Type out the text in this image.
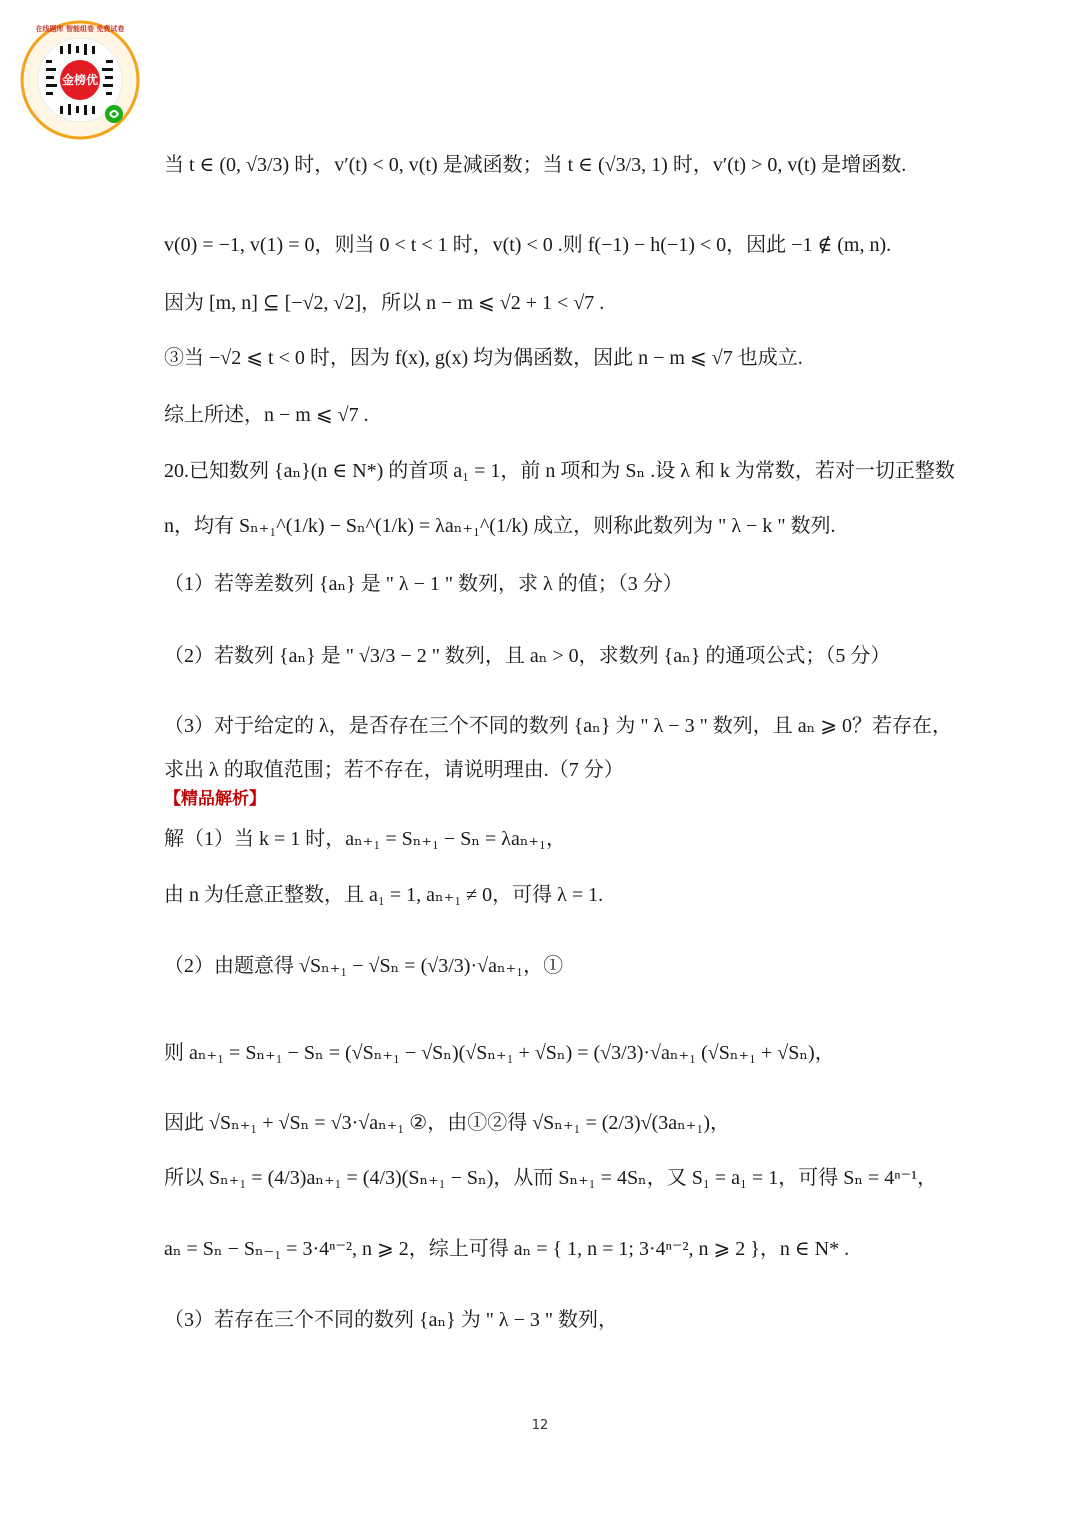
金榜优
在线题库 智能组卷 免费试卷
当 t ∈ (0, √3/3) 时，v′(t) < 0, v(t) 是减函数；当 t ∈ (√3/3, 1) 时，v′(t) > 0, v(t) 是增函数.
v(0) = −1, v(1) = 0，则当 0 < t < 1 时，v(t) < 0 .则 f(−1) − h(−1) < 0，因此 −1 ∉ (m, n).
因为 [m, n] ⊆ [−√2, √2]，所以 n − m ⩽ √2 + 1 < √7 .
③当 −√2 ⩽ t < 0 时，因为 f(x), g(x) 均为偶函数，因此 n − m ⩽ √7 也成立.
综上所述，n − m ⩽ √7 .
20.已知数列 {aₙ}(n ∈ N*) 的首项 a₁ = 1，前 n 项和为 Sₙ .设 λ 和 k 为常数，若对一切正整数
n，均有 Sₙ₊₁^(1/k) − Sₙ^(1/k) = λaₙ₊₁^(1/k) 成立，则称此数列为 " λ − k " 数列.
（1）若等差数列 {aₙ} 是 " λ − 1 " 数列，求 λ 的值；（3 分）
（2）若数列 {aₙ} 是 " √3/3 − 2 " 数列，且 aₙ > 0，求数列 {aₙ} 的通项公式；（5 分）
（3）对于给定的 λ，是否存在三个不同的数列 {aₙ} 为 " λ − 3 " 数列，且 aₙ ⩾ 0？若存在，
求出 λ 的取值范围；若不存在，请说明理由.（7 分）
【精品解析】
解（1）当 k = 1 时，aₙ₊₁ = Sₙ₊₁ − Sₙ = λaₙ₊₁，
由 n 为任意正整数，且 a₁ = 1, aₙ₊₁ ≠ 0，可得 λ = 1.
（2）由题意得 √Sₙ₊₁ − √Sₙ = (√3/3)·√aₙ₊₁，①
则 aₙ₊₁ = Sₙ₊₁ − Sₙ = (√Sₙ₊₁ − √Sₙ)(√Sₙ₊₁ + √Sₙ) = (√3/3)·√aₙ₊₁ (√Sₙ₊₁ + √Sₙ)，
因此 √Sₙ₊₁ + √Sₙ = √3·√aₙ₊₁ ②，由①②得 √Sₙ₊₁ = (2/3)√(3aₙ₊₁)，
所以 Sₙ₊₁ = (4/3)aₙ₊₁ = (4/3)(Sₙ₊₁ − Sₙ)，从而 Sₙ₊₁ = 4Sₙ，又 S₁ = a₁ = 1，可得 Sₙ = 4ⁿ⁻¹，
aₙ = Sₙ − Sₙ₋₁ = 3·4ⁿ⁻², n ⩾ 2，综上可得 aₙ = { 1, n = 1; 3·4ⁿ⁻², n ⩾ 2 }，n ∈ N* .
（3）若存在三个不同的数列 {aₙ} 为 " λ − 3 " 数列，
12
